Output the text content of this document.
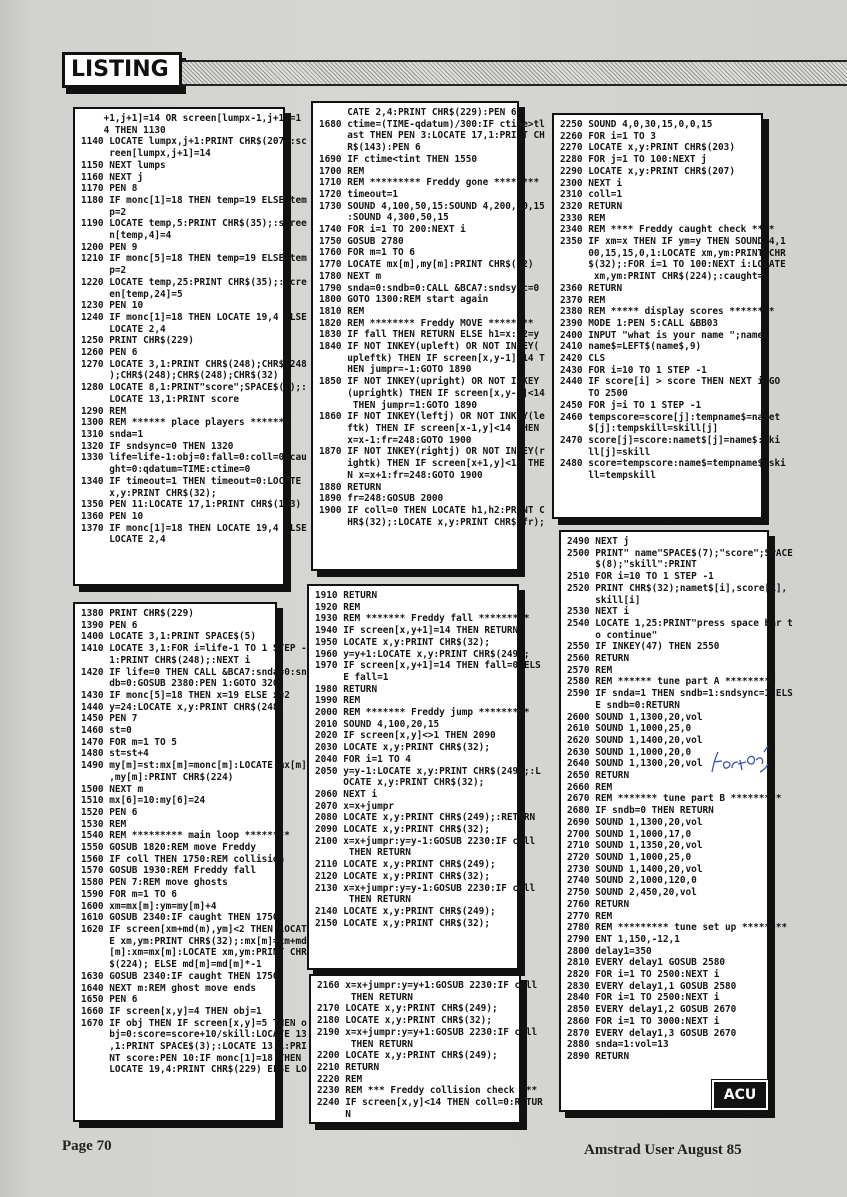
LISTING
+1,j+1]=14 OR screen[lumpx-1,j+1]=1
4 THEN 1130
1140 LOCATE lumpx,j+1:PRINT CHR$(207):sc
reen[lumpx,j+1]=14
1150 NEXT lumps
1160 NEXT j
1170 PEN 8
1180 IF monc[1]=18 THEN temp=19 ELSE tem
p=2
1190 LOCATE temp,5:PRINT CHR$(35);:scree
n[temp,4]=4
1200 PEN 9
1210 IF monc[5]=18 THEN temp=19 ELSE tem
p=2
1220 LOCATE temp,25:PRINT CHR$(35);:scre
en[temp,24]=5
1230 PEN 10
1240 IF monc[1]=18 THEN LOCATE 19,4 ELSE
LOCATE 2,4
1250 PRINT CHR$(229)
1260 PEN 6
1270 LOCATE 3,1:PRINT CHR$(248);CHR$(248
);CHR$(248);CHR$(248);CHR$(32)
1280 LOCATE 8,1:PRINT"score";SPACE$(6);:
LOCATE 13,1:PRINT score
1290 REM
1300 REM ****** place players *******
1310 snda=1
1320 IF sndsync=0 THEN 1320
1330 life=life-1:obj=0:fall=0:coll=0:cau
ght=0:qdatum=TIME:ctime=0
1340 IF timeout=1 THEN timeout=0:LOCATE
x,y:PRINT CHR$(32);
1350 PEN 11:LOCATE 17,1:PRINT CHR$(143)
1360 PEN 10
1370 IF monc[1]=18 THEN LOCATE 19,4 ELSE
LOCATE 2,4
1380 PRINT CHR$(229)
1390 PEN 6
1400 LOCATE 3,1:PRINT SPACE$(5)
1410 LOCATE 3,1:FOR i=life-1 TO 1 STEP -
1:PRINT CHR$(248);:NEXT i
1420 IF life=0 THEN CALL &BCA7:snda=0:sn
db=0:GOSUB 2380:PEN 1:GOTO 320
1430 IF monc[5]=18 THEN x=19 ELSE x=2
1440 y=24:LOCATE x,y:PRINT CHR$(248)
1450 PEN 7
1460 st=0
1470 FOR m=1 TO 5
1480 st=st+4
1490 my[m]=st:mx[m]=monc[m]:LOCATE mx[m]
,my[m]:PRINT CHR$(224)
1500 NEXT m
1510 mx[6]=10:my[6]=24
1520 PEN 6
1530 REM
1540 REM ********* main loop ********
1550 GOSUB 1820:REM move Freddy
1560 IF coll THEN 1750:REM collision
1570 GOSUB 1930:REM Freddy fall
1580 PEN 7:REM move ghosts
1590 FOR m=1 TO 6
1600 xm=mx[m]:ym=my[m]+4
1610 GOSUB 2340:IF caught THEN 1750
1620 IF screen[xm+md(m),ym]<2 THEN LOCAT
E xm,ym:PRINT CHR$(32);:mx[m]=xm+md
[m]:xm=mx[m]:LOCATE xm,ym:PRINT CHR
$(224); ELSE md[m]=md[m]*-1
1630 GOSUB 2340:IF caught THEN 1750
1640 NEXT m:REM ghost move ends
1650 PEN 6
1660 IF screen[x,y]=4 THEN obj=1
1670 IF obj THEN IF screen[x,y]=5 THEN o
bj=0:score=score+10/skill:LOCATE 13
,1:PRINT SPACE$(3);:LOCATE 13,1:PRI
NT score:PEN 10:IF monc[1]=18 THEN
LOCATE 19,4:PRINT CHR$(229) ELSE LO
CATE 2,4:PRINT CHR$(229):PEN 6
1680 ctime=(TIME-qdatum)/300:IF ctime>tl
ast THEN PEN 3:LOCATE 17,1:PRINT CH
R$(143):PEN 6
1690 IF ctime<tint THEN 1550
1700 REM
1710 REM ********* Freddy gone ********
1720 timeout=1
1730 SOUND 4,100,50,15:SOUND 4,200,50,15
:SOUND 4,300,50,15
1740 FOR i=1 TO 200:NEXT i
1750 GOSUB 2780
1760 FOR m=1 TO 6
1770 LOCATE mx[m],my[m]:PRINT CHR$(32)
1780 NEXT m
1790 snda=0:sndb=0:CALL &BCA7:sndsync=0
1800 GOTO 1300:REM start again
1810 REM
1820 REM ******** Freddy MOVE ********
1830 IF fall THEN RETURN ELSE h1=x:h2=y
1840 IF NOT INKEY(upleft) OR NOT INKEY(
upleftk) THEN IF screen[x,y-1]<14 T
HEN jumpr=-1:GOTO 1890
1850 IF NOT INKEY(upright) OR NOT INKEY
(uprightk) THEN IF screen[x,y-1]<14
THEN jumpr=1:GOTO 1890
1860 IF NOT INKEY(leftj) OR NOT INKEY(le
ftk) THEN IF screen[x-1,y]<14 THEN
x=x-1:fr=248:GOTO 1900
1870 IF NOT INKEY(rightj) OR NOT INKEY(r
ightk) THEN IF screen[x+1,y]<14 THE
N x=x+1:fr=248:GOTO 1900
1880 RETURN
1890 fr=248:GOSUB 2000
1900 IF coll=0 THEN LOCATE h1,h2:PRINT C
HR$(32);:LOCATE x,y:PRINT CHR$(fr);
1910 RETURN
1920 REM
1930 REM ******* Freddy fall *********
1940 IF screen[x,y+1]=14 THEN RETURN
1950 LOCATE x,y:PRINT CHR$(32);
1960 y=y+1:LOCATE x,y:PRINT CHR$(249);
1970 IF screen[x,y+1]=14 THEN fall=0 ELS
E fall=1
1980 RETURN
1990 REM
2000 REM ******* Freddy jump *********
2010 SOUND 4,100,20,15
2020 IF screen[x,y]<>1 THEN 2090
2030 LOCATE x,y:PRINT CHR$(32);
2040 FOR i=1 TO 4
2050 y=y-1:LOCATE x,y:PRINT CHR$(249);:L
OCATE x,y:PRINT CHR$(32);
2060 NEXT i
2070 x=x+jumpr
2080 LOCATE x,y:PRINT CHR$(249);:RETURN
2090 LOCATE x,y:PRINT CHR$(32);
2100 x=x+jumpr:y=y-1:GOSUB 2230:IF coll
THEN RETURN
2110 LOCATE x,y:PRINT CHR$(249);
2120 LOCATE x,y:PRINT CHR$(32);
2130 x=x+jumpr:y=y-1:GOSUB 2230:IF coll
THEN RETURN
2140 LOCATE x,y:PRINT CHR$(249);
2150 LOCATE x,y:PRINT CHR$(32);
2160 x=x+jumpr:y=y+1:GOSUB 2230:IF coll
THEN RETURN
2170 LOCATE x,y:PRINT CHR$(249);
2180 LOCATE x,y:PRINT CHR$(32);
2190 x=x+jumpr:y=y+1:GOSUB 2230:IF coll
THEN RETURN
2200 LOCATE x,y:PRINT CHR$(249);
2210 RETURN
2220 REM
2230 REM *** Freddy collision check ***
2240 IF screen[x,y]<14 THEN coll=0:RETUR
N
2250 SOUND 4,0,30,15,0,0,15
2260 FOR i=1 TO 3
2270 LOCATE x,y:PRINT CHR$(203)
2280 FOR j=1 TO 100:NEXT j
2290 LOCATE x,y:PRINT CHR$(207)
2300 NEXT i
2310 coll=1
2320 RETURN
2330 REM
2340 REM **** Freddy caught check ****
2350 IF xm=x THEN IF ym=y THEN SOUND 4,1
00,15,15,0,1:LOCATE xm,ym:PRINT CHR
$(32);:FOR i=1 TO 100:NEXT i:LOCATE
xm,ym:PRINT CHR$(224);:caught=1
2360 RETURN
2370 REM
2380 REM ***** display scores ********
2390 MODE 1:PEN 5:CALL &BB03
2400 INPUT "what is your name ";name$
2410 name$=LEFT$(name$,9)
2420 CLS
2430 FOR i=10 TO 1 STEP -1
2440 IF score[i] > score THEN NEXT i:GO
TO 2500
2450 FOR j=i TO 1 STEP -1
2460 tempscore=score[j]:tempname$=namet
$[j]:tempskill=skill[j]
2470 score[j]=score:namet$[j]=name$:ski
ll[j]=skill
2480 score=tempscore:name$=tempname$:ski
ll=tempskill
2490 NEXT j
2500 PRINT" name"SPACE$(7);"score";SPACE
$(8);"skill":PRINT
2510 FOR i=10 TO 1 STEP -1
2520 PRINT CHR$(32);namet$[i],score[i],
skill[i]
2530 NEXT i
2540 LOCATE 1,25:PRINT"press space bar t
o continue"
2550 IF INKEY(47) THEN 2550
2560 RETURN
2570 REM
2580 REM ****** tune part A *********
2590 IF snda=1 THEN sndb=1:sndsync=1 ELS
E sndb=0:RETURN
2600 SOUND 1,1300,20,vol
2610 SOUND 1,1000,25,0
2620 SOUND 1,1400,20,vol
2630 SOUND 1,1000,20,0
2640 SOUND 1,1300,20,vol
2650 RETURN
2660 REM
2670 REM ******* tune part B *********
2680 IF sndb=0 THEN RETURN
2690 SOUND 1,1300,20,vol
2700 SOUND 1,1000,17,0
2710 SOUND 1,1350,20,vol
2720 SOUND 1,1000,25,0
2730 SOUND 1,1400,20,vol
2740 SOUND 2,1000,120,0
2750 SOUND 2,450,20,vol
2760 RETURN
2770 REM
2780 REM ********* tune set up ********
2790 ENT 1,150,-12,1
2800 delay1=350
2810 EVERY delay1 GOSUB 2580
2820 FOR i=1 TO 2500:NEXT i
2830 EVERY delay1,1 GOSUB 2580
2840 FOR i=1 TO 2500:NEXT i
2850 EVERY delay1,2 GOSUB 2670
2860 FOR i=1 TO 3000:NEXT i
2870 EVERY delay1,3 GOSUB 2670
2880 snda=1:vol=13
2890 RETURN
ACU
Page 70	Amstrad User August 85
